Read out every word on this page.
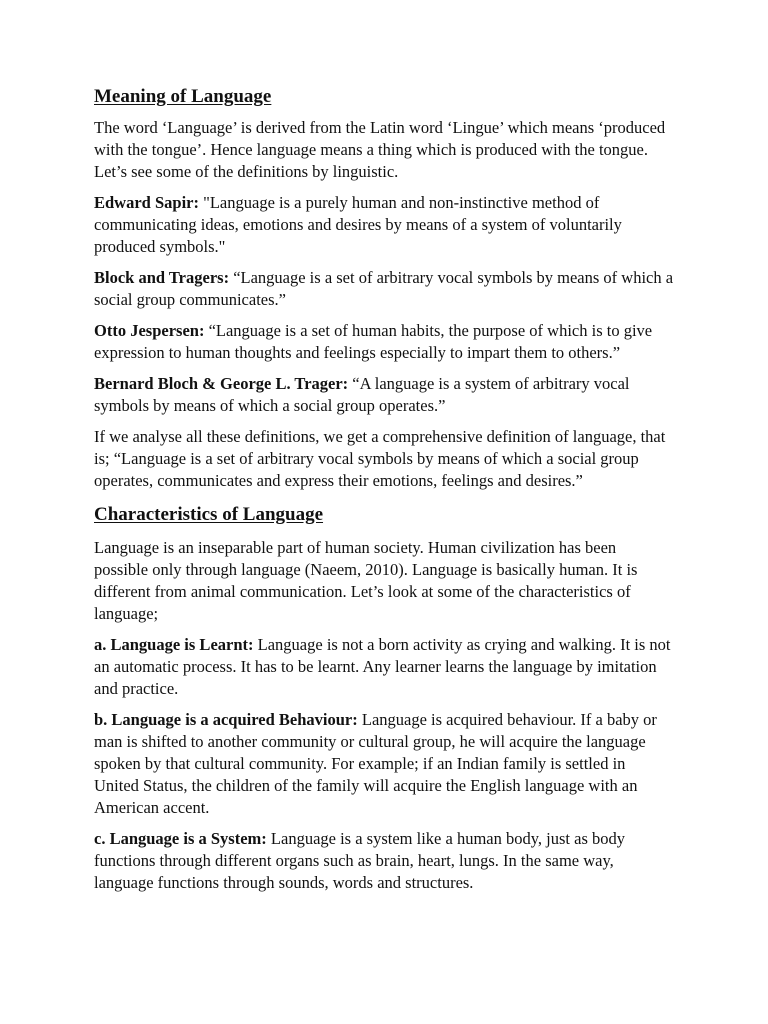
Meaning of Language

The word ‘Language’ is derived from the Latin word ‘Lingue’ which means ‘produced with the tongue’. Hence language means a thing which is produced with the tongue. Let’s see some of the definitions by linguistic.

Edward Sapir: "Language is a purely human and non-instinctive method of communicating ideas, emotions and desires by means of a system of voluntarily produced symbols."

Block and Tragers: “Language is a set of arbitrary vocal symbols by means of which a social group communicates.”

Otto Jespersen: “Language is a set of human habits, the purpose of which is to give expression to human thoughts and feelings especially to impart them to others.”

Bernard Bloch & George L. Trager: “A language is a system of arbitrary vocal symbols by means of which a social group operates.”

If we analyse all these definitions, we get a comprehensive definition of language, that is; “Language is a set of arbitrary vocal symbols by means of which a social group operates, communicates and express their emotions, feelings and desires.”

Characteristics of Language

Language is an inseparable part of human society. Human civilization has been possible only through language (Naeem, 2010). Language is basically human. It is different from animal communication. Let’s look at some of the characteristics of language;

a. Language is Learnt: Language is not a born activity as crying and walking. It is not an automatic process. It has to be learnt. Any learner learns the language by imitation and practice.

b. Language is a acquired Behaviour: Language is acquired behaviour. If a baby or man is shifted to another community or cultural group, he will acquire the language spoken by that cultural community. For example; if an Indian family is settled in United Status, the children of the family will acquire the English language with an American accent.

c. Language is a System: Language is a system like a human body, just as body functions through different organs such as brain, heart, lungs. In the same way, language functions through sounds, words and structures.
